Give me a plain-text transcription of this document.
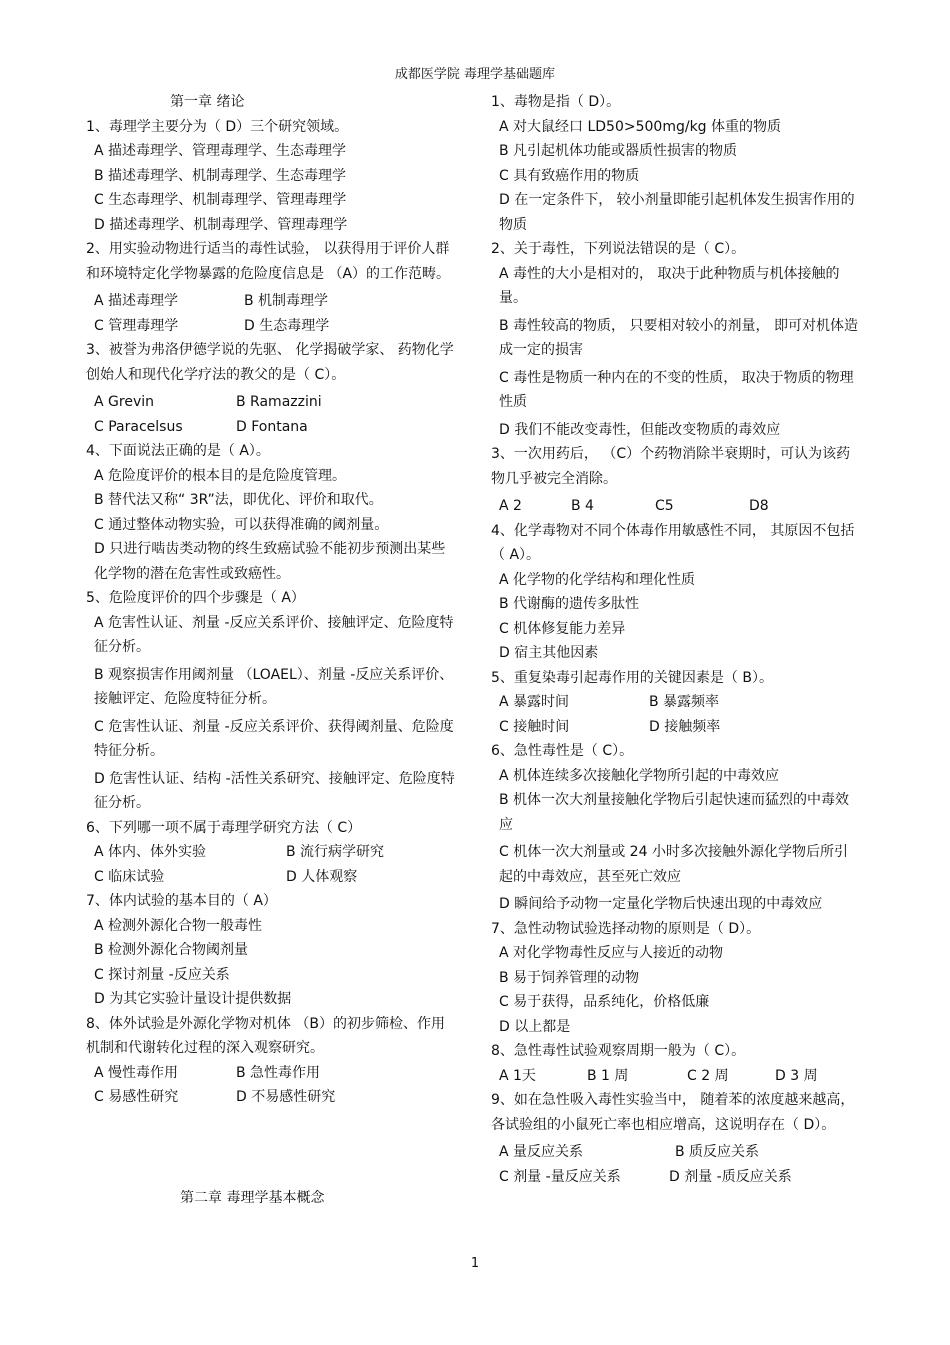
成都医学院 毒理学基础题库

第一章 绪论

1、毒理学主要分为（ D）三个研究领域。

A 描述毒理学、管理毒理学、生态毒理学

B 描述毒理学、机制毒理学、生态毒理学

C 生态毒理学、机制毒理学、管理毒理学

D 描述毒理学、机制毒理学、管理毒理学

2、用实验动物进行适当的毒性试验， 以获得用于评价人群和环境特定化学物暴露的危险度信息是 （A）的工作范畴。

A 描述毒理学	B 机制毒理学
C 管理毒理学	D 生态毒理学

3、被誉为弗洛伊德学说的先驱、 化学揭破学家、 药物化学创始人和现代化学疗法的教父的是（ C）。

A Grevin	B Ramazzini
C Paracelsus	D Fontana

4、下面说法正确的是（ A）。

A 危险度评价的根本目的是危险度管理。

B 替代法又称“ 3R”法，即优化、评价和取代。

C 通过整体动物实验，可以获得准确的阈剂量。

D 只进行啮齿类动物的终生致癌试验不能初步预测出某些化学物的潜在危害性或致癌性。

5、危险度评价的四个步骤是（ A）

A 危害性认证、剂量 -反应关系评价、接触评定、危险度特征分析。

B 观察损害作用阈剂量 （LOAEL）、剂量 -反应关系评价、接触评定、危险度特征分析。

C 危害性认证、剂量 -反应关系评价、获得阈剂量、危险度特征分析。

D 危害性认证、结构 -活性关系研究、接触评定、危险度特征分析。

6、下列哪一项不属于毒理学研究方法（ C）

A 体内、体外实验	B 流行病学研究
C 临床试验	D 人体观察

7、体内试验的基本目的（ A）

A 检测外源化合物一般毒性

B 检测外源化合物阈剂量

C 探讨剂量 -反应关系

D 为其它实验计量设计提供数据

8、体外试验是外源化学物对机体 （B）的初步筛检、作用机制和代谢转化过程的深入观察研究。

A 慢性毒作用	B 急性毒作用
C 易感性研究	D 不易感性研究
第二章 毒理学基本概念

1、毒物是指（ D）。

A 对大鼠经口 LD50>500mg/kg 体重的物质

B 凡引起机体功能或器质性损害的物质

C 具有致癌作用的物质

D 在一定条件下， 较小剂量即能引起机体发生损害作用的物质

2、关于毒性，下列说法错误的是（ C）。

A 毒性的大小是相对的， 取决于此种物质与机体接触的量。

B 毒性较高的物质， 只要相对较小的剂量， 即可对机体造成一定的损害

C 毒性是物质一种内在的不变的性质， 取决于物质的物理性质

D 我们不能改变毒性，但能改变物质的毒效应

3、一次用药后， （C）个药物消除半衰期时，可认为该药物几乎被完全消除。

A 2	B 4	C5	D8

4、化学毒物对不同个体毒作用敏感性不同， 其原因不包括（ A）。

A 化学物的化学结构和理化性质

B 代谢酶的遗传多肽性

C 机体修复能力差异

D 宿主其他因素

5、重复染毒引起毒作用的关键因素是（ B）。

A 暴露时间	B 暴露频率
C 接触时间	D 接触频率

6、急性毒性是（ C）。

A 机体连续多次接触化学物所引起的中毒效应

B 机体一次大剂量接触化学物后引起快速而猛烈的中毒效应

C 机体一次大剂量或 24 小时多次接触外源化学物后所引起的中毒效应，甚至死亡效应

D 瞬间给予动物一定量化学物后快速出现的中毒效应

7、急性动物试验选择动物的原则是（ D）。

A 对化学物毒性反应与人接近的动物

B 易于饲养管理的动物

C 易于获得，品系纯化，价格低廉

D 以上都是

8、急性毒性试验观察周期一般为（ C）。

A 1天	B 1 周	C 2 周	D 3 周

9、如在急性吸入毒性实验当中， 随着苯的浓度越来越高，各试验组的小鼠死亡率也相应增高，这说明存在（ D）。

A 量反应关系	B 质反应关系
C 剂量 -量反应关系	D 剂量 -质反应关系
1
